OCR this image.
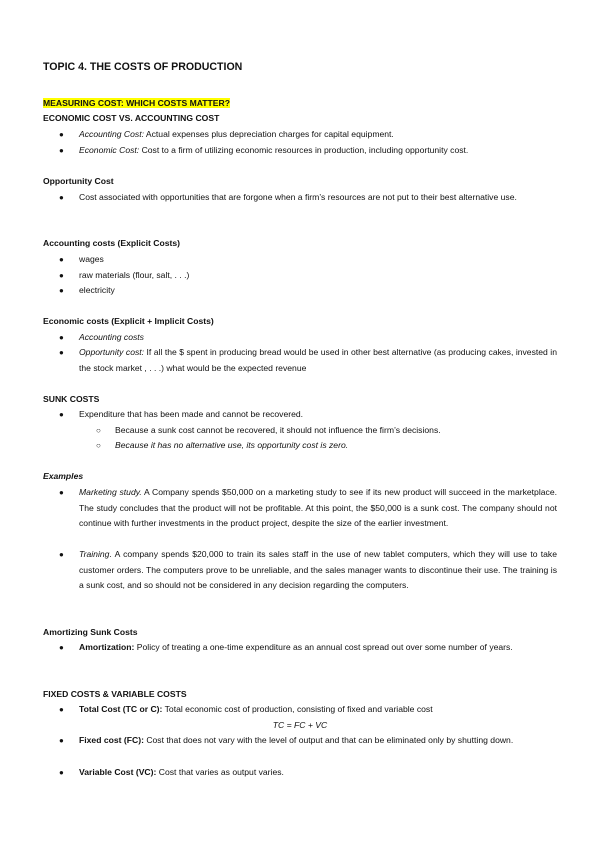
TOPIC 4. THE COSTS OF PRODUCTION

MEASURING COST: WHICH COSTS MATTER?

ECONOMIC COST VS. ACCOUNTING COST

● Accounting Cost: Actual expenses plus depreciation charges for capital equipment.
● Economic Cost: Cost to a firm of utilizing economic resources in production, including opportunity cost.

Opportunity Cost

● Cost associated with opportunities that are forgone when a firm’s resources are not put to their best alternative use.

Accounting costs (Explicit Costs)

● wages
● raw materials (flour, salt, . . .)
● electricity

Economic costs (Explicit + Implicit Costs)

● Accounting costs
● Opportunity cost: If all the $ spent in producing bread would be used in other best alternative (as producing cakes, invested in the stock market , . . .) what would be the expected revenue

SUNK COSTS

● Expenditure that has been made and cannot be recovered.
○ Because a sunk cost cannot be recovered, it should not influence the firm’s decisions.
○ Because it has no alternative use, its opportunity cost is zero.

Examples

● Marketing study. A Company spends $50,000 on a marketing study to see if its new product will succeed in the marketplace. The study concludes that the product will not be profitable. At this point, the $50,000 is a sunk cost. The company should not continue with further investments in the product project, despite the size of the earlier investment.
● Training. A company spends $20,000 to train its sales staff in the use of new tablet computers, which they will use to take customer orders. The computers prove to be unreliable, and the sales manager wants to discontinue their use. The training is a sunk cost, and so should not be considered in any decision regarding the computers.

Amortizing Sunk Costs

● Amortization: Policy of treating a one-time expenditure as an annual cost spread out over some number of years.

FIXED COSTS & VARIABLE COSTS

● Total Cost (TC or C): Total economic cost of production, consisting of fixed and variable cost

TC = FC + VC

● Fixed cost (FC): Cost that does not vary with the level of output and that can be eliminated only by shutting down.
● Variable Cost (VC): Cost that varies as output varies.
